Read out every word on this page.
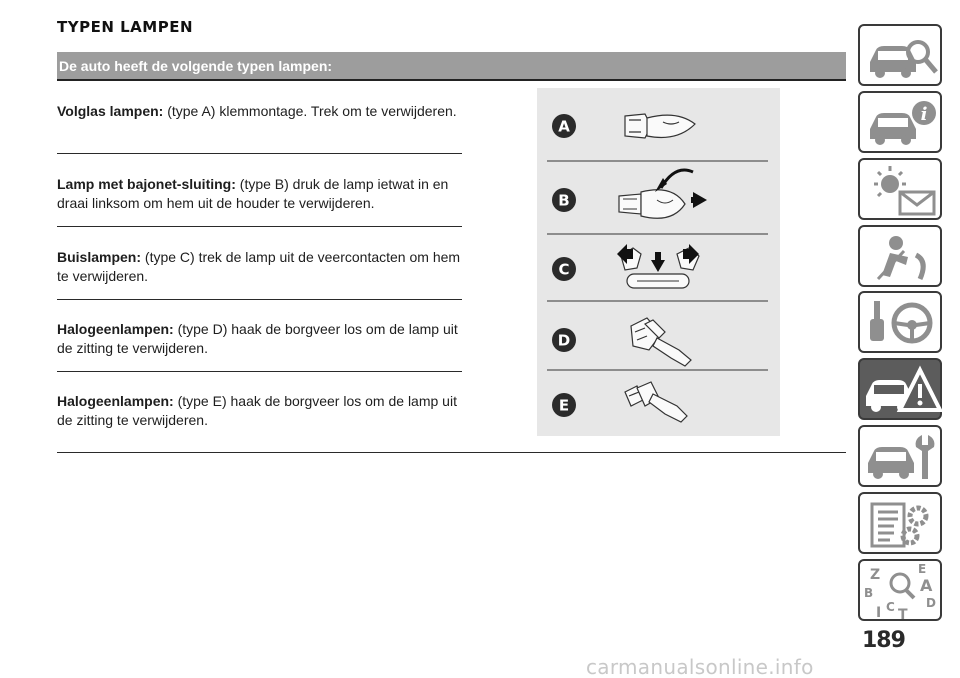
TYPEN LAMPEN
De auto heeft de volgende typen lampen:
Volglas lampen: (type A) klemmontage. Trek om te verwijderen.
Lamp met bajonet-sluiting: (type B) druk de lamp ietwat in en draai linksom om hem uit de houder te verwijderen.
Buislampen: (type C) trek de lamp uit de veercontacten om hem te verwijderen.
Halogeenlampen: (type D) haak de borgveer los om de lamp uit de zitting te verwijderen.
Halogeenlampen: (type E) haak de borgveer los om de lamp uit de zitting te verwijderen.
A
B
C
D
E
i
Z	E
B	A
C T
D
I
189
carmanualsonline.info
